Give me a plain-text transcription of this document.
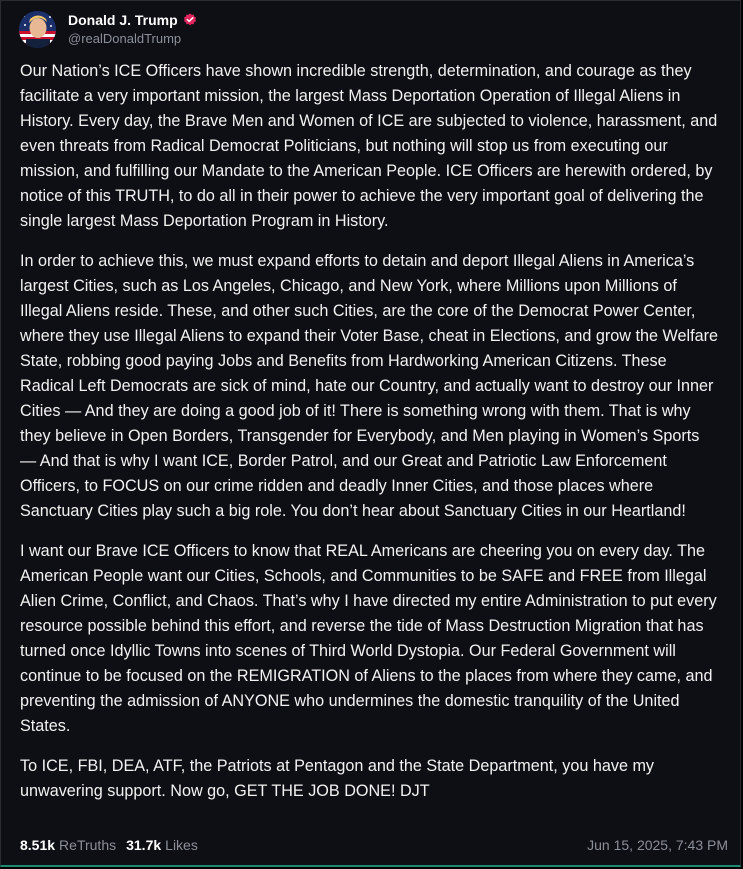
Donald J. Trump
@realDonaldTrump

Our Nation’s ICE Officers have shown incredible strength, determination, and courage as they facilitate a very important mission, the largest Mass Deportation Operation of Illegal Aliens in History. Every day, the Brave Men and Women of ICE are subjected to violence, harassment, and even threats from Radical Democrat Politicians, but nothing will stop us from executing our mission, and fulfilling our Mandate to the American People. ICE Officers are herewith ordered, by notice of this TRUTH, to do all in their power to achieve the very important goal of delivering the single largest Mass Deportation Program in History.

In order to achieve this, we must expand efforts to detain and deport Illegal Aliens in America’s largest Cities, such as Los Angeles, Chicago, and New York, where Millions upon Millions of Illegal Aliens reside. These, and other such Cities, are the core of the Democrat Power Center, where they use Illegal Aliens to expand their Voter Base, cheat in Elections, and grow the Welfare State, robbing good paying Jobs and Benefits from Hardworking American Citizens. These Radical Left Democrats are sick of mind, hate our Country, and actually want to destroy our Inner Cities — And they are doing a good job of it! There is something wrong with them. That is why they believe in Open Borders, Transgender for Everybody, and Men playing in Women’s Sports — And that is why I want ICE, Border Patrol, and our Great and Patriotic Law Enforcement Officers, to FOCUS on our crime ridden and deadly Inner Cities, and those places where Sanctuary Cities play such a big role. You don’t hear about Sanctuary Cities in our Heartland!

I want our Brave ICE Officers to know that REAL Americans are cheering you on every day. The American People want our Cities, Schools, and Communities to be SAFE and FREE from Illegal Alien Crime, Conflict, and Chaos. That’s why I have directed my entire Administration to put every resource possible behind this effort, and reverse the tide of Mass Destruction Migration that has turned once Idyllic Towns into scenes of Third World Dystopia. Our Federal Government will continue to be focused on the REMIGRATION of Aliens to the places from where they came, and preventing the admission of ANYONE who undermines the domestic tranquility of the United States.

To ICE, FBI, DEA, ATF, the Patriots at Pentagon and the State Department, you have my unwavering support. Now go, GET THE JOB DONE! DJT

8.51k ReTruths 31.7k Likes	Jun 15, 2025, 7:43 PM
